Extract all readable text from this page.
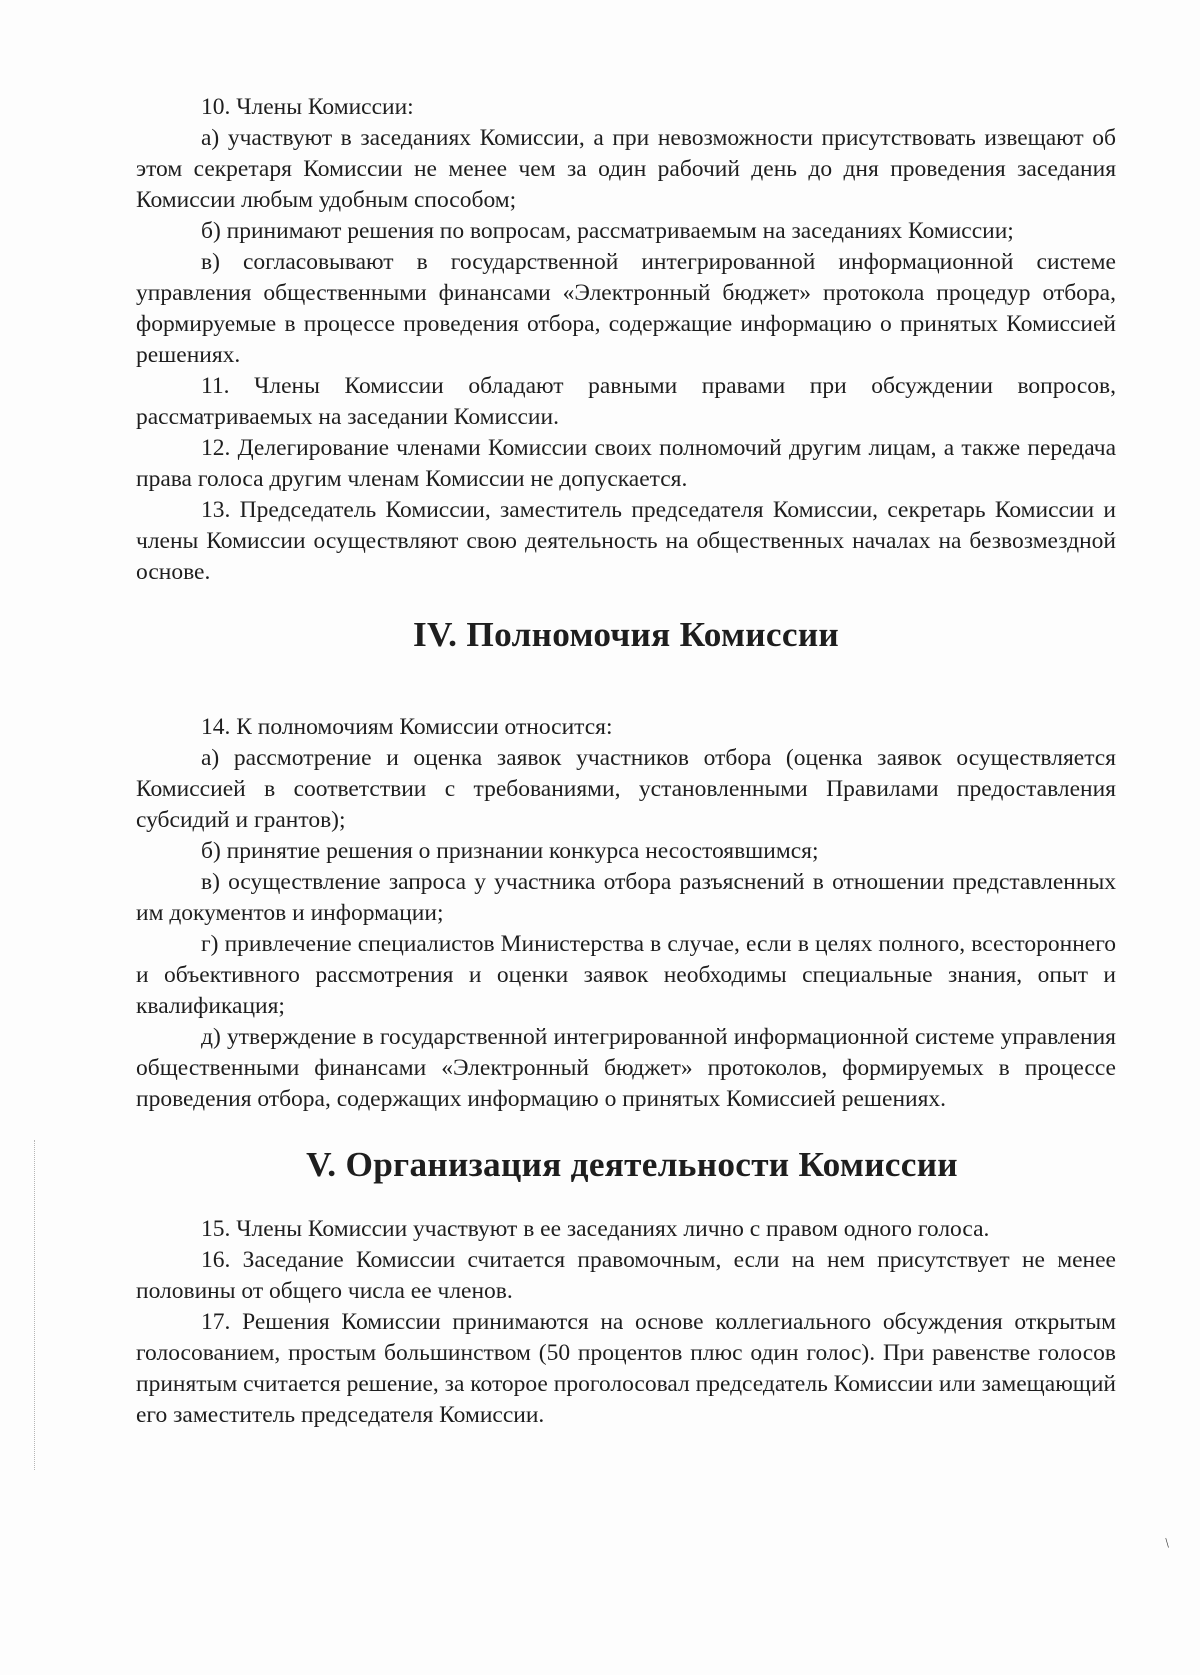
10. Члены Комиссии:

а) участвуют в заседаниях Комиссии, а при невозможности присутствовать извещают об этом секретаря Комиссии не менее чем за один рабочий день до дня проведения заседания Комиссии любым удобным способом;

б) принимают решения по вопросам, рассматриваемым на заседаниях Комиссии;

в) согласовывают в государственной интегрированной информационной системе управления общественными финансами «Электронный бюджет» протокола процедур отбора, формируемые в процессе проведения отбора, содержащие информацию о принятых Комиссией решениях.

11. Члены Комиссии обладают равными правами при обсуждении вопросов, рассматриваемых на заседании Комиссии.

12. Делегирование членами Комиссии своих полномочий другим лицам, а также передача права голоса другим членам Комиссии не допускается.

13. Председатель Комиссии, заместитель председателя Комиссии, секретарь Комиссии и члены Комиссии осуществляют свою деятельность на общественных началах на безвозмездной основе.

IV. Полномочия Комиссии

14. К полномочиям Комиссии относится:

а) рассмотрение и оценка заявок участников отбора (оценка заявок осуществляется Комиссией в соответствии с требованиями, установленными Правилами предоставления субсидий и грантов);

б) принятие решения о признании конкурса несостоявшимся;

в) осуществление запроса у участника отбора разъяснений в отношении представленных им документов и информации;

г) привлечение специалистов Министерства в случае, если в целях полного, всестороннего и объективного рассмотрения и оценки заявок необходимы специальные знания, опыт и квалификация;

д) утверждение в государственной интегрированной информационной системе управления общественными финансами «Электронный бюджет» протоколов, формируемых в процессе проведения отбора, содержащих информацию о принятых Комиссией решениях.

V. Организация деятельности Комиссии

15. Члены Комиссии участвуют в ее заседаниях лично с правом одного голоса.

16. Заседание Комиссии считается правомочным, если на нем присутствует не менее половины от общего числа ее членов.

17. Решения Комиссии принимаются на основе коллегиального обсуждения открытым голосованием, простым большинством (50 процентов плюс один голос). При равенстве голосов принятым считается решение, за которое проголосовал председатель Комиссии или замещающий его заместитель председателя Комиссии.

/
